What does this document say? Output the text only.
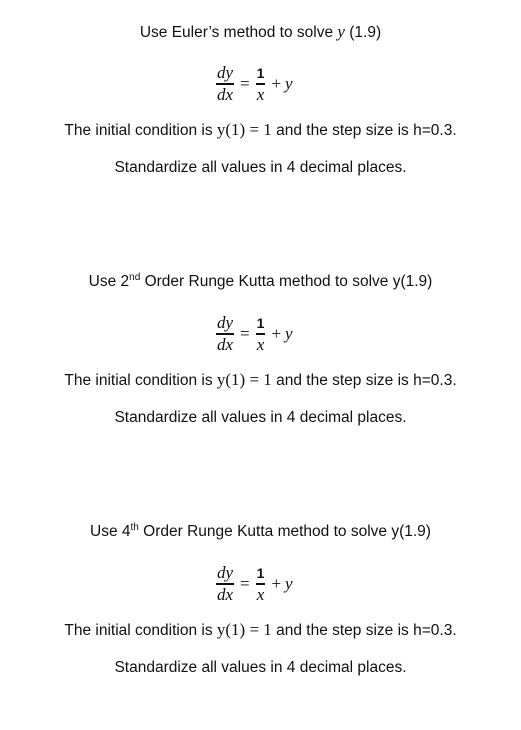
Use Euler’s method to solve y (1.9)
$\frac{dy}{dx} = \frac{1}{x} + y$
The initial condition is y(1) = 1 and the step size is h=0.3.
Standardize all values in 4 decimal places.
Use 2nd Order Runge Kutta method to solve y(1.9)
$\frac{dy}{dx} = \frac{1}{x} + y$
The initial condition is y(1) = 1 and the step size is h=0.3.
Standardize all values in 4 decimal places.
Use 4th Order Runge Kutta method to solve y(1.9)
$\frac{dy}{dx} = \frac{1}{x} + y$
The initial condition is y(1) = 1 and the step size is h=0.3.
Standardize all values in 4 decimal places.
